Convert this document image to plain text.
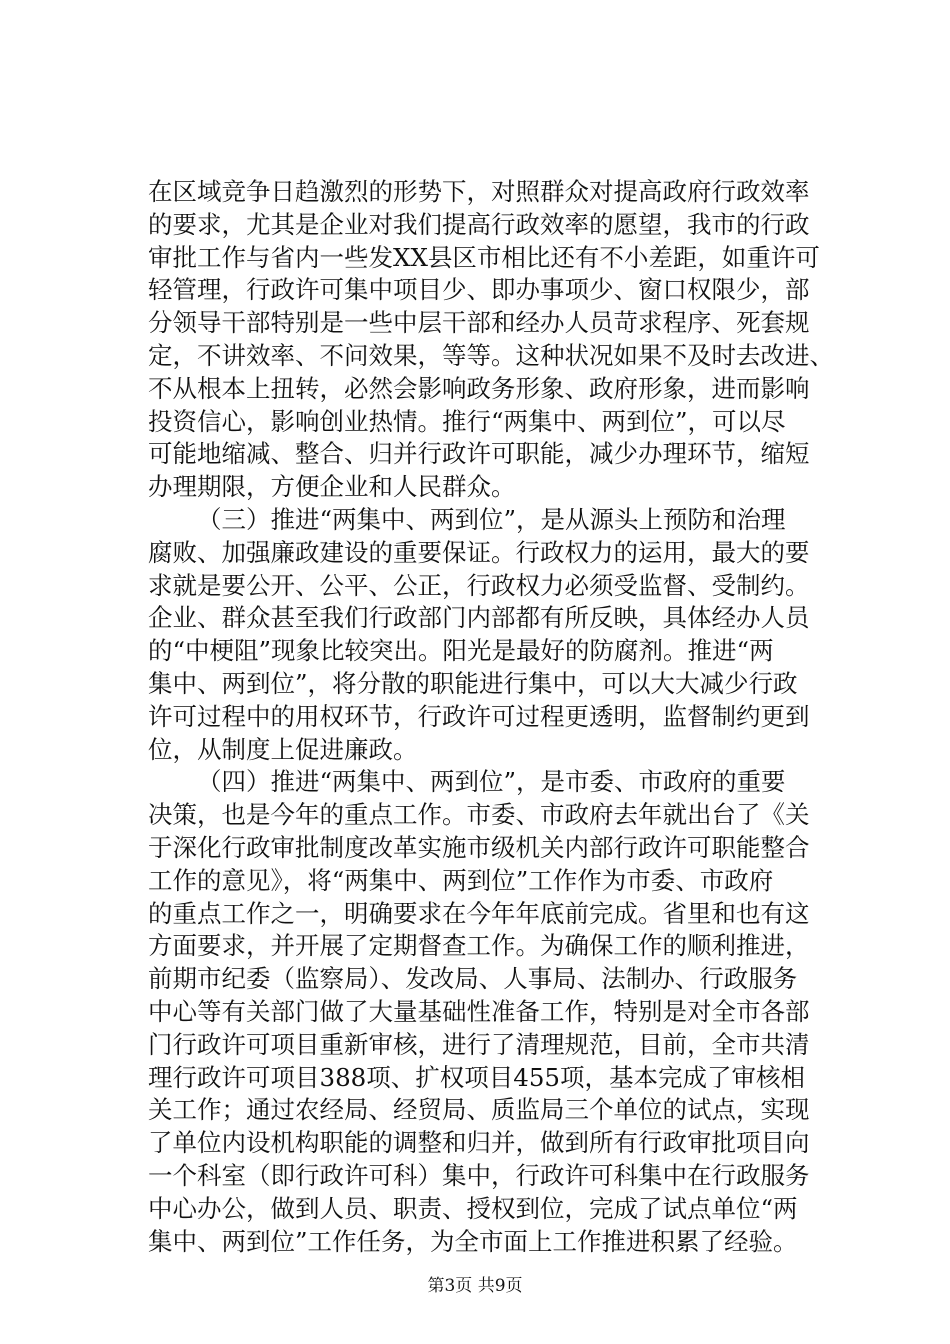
在区域竞争日趋激烈的形势下，对照群众对提高政府行政效率
的要求，尤其是企业对我们提高行政效率的愿望，我市的行政
审批工作与省内一些发XX县区市相比还有不小差距，如重许可
轻管理，行政许可集中项目少、即办事项少、窗口权限少，部
分领导干部特别是一些中层干部和经办人员苛求程序、死套规
定，不讲效率、不问效果，等等。这种状况如果不及时去改进、
不从根本上扭转，必然会影响政务形象、政府形象，进而影响
投资信心，影响创业热情。推行“两集中、两到位”，可以尽
可能地缩减、整合、归并行政许可职能，减少办理环节，缩短
办理期限，方便企业和人民群众。
（三）推进“两集中、两到位”，是从源头上预防和治理
腐败、加强廉政建设的重要保证。行政权力的运用，最大的要
求就是要公开、公平、公正，行政权力必须受监督、受制约。
企业、群众甚至我们行政部门内部都有所反映，具体经办人员
的“中梗阻”现象比较突出。阳光是最好的防腐剂。推进“两
集中、两到位”，将分散的职能进行集中，可以大大减少行政
许可过程中的用权环节，行政许可过程更透明，监督制约更到
位，从制度上促进廉政。
（四）推进“两集中、两到位”，是市委、市政府的重要
决策，也是今年的重点工作。市委、市政府去年就出台了《关
于深化行政审批制度改革实施市级机关内部行政许可职能整合
工作的意见》，将“两集中、两到位”工作作为市委、市政府
的重点工作之一，明确要求在今年年底前完成。省里和也有这
方面要求，并开展了定期督查工作。为确保工作的顺利推进，
前期市纪委（监察局）、发改局、人事局、法制办、行政服务
中心等有关部门做了大量基础性准备工作，特别是对全市各部
门行政许可项目重新审核，进行了清理规范，目前，全市共清
理行政许可项目388项、扩权项目455项，基本完成了审核相
关工作；通过农经局、经贸局、质监局三个单位的试点，实现
了单位内设机构职能的调整和归并，做到所有行政审批项目向
一个科室（即行政许可科）集中，行政许可科集中在行政服务
中心办公，做到人员、职责、授权到位，完成了试点单位“两
集中、两到位”工作任务，为全市面上工作推进积累了经验。
第3页 共9页
